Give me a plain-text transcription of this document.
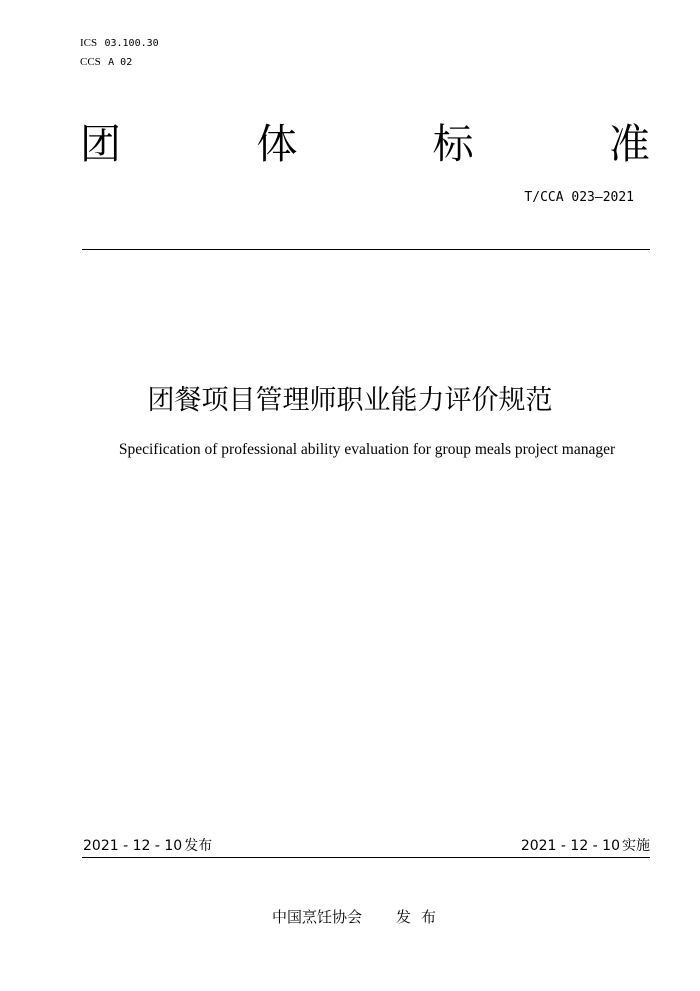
ICS 03.100.30
CCS A 02
团	体	标	准
T/CCA 023—2021
团餐项目管理师职业能力评价规范
Specification of professional ability evaluation for group meals project manager
2021 - 12 - 10 发布	2021 - 12 - 10 实施
中国烹饪协会 发布
